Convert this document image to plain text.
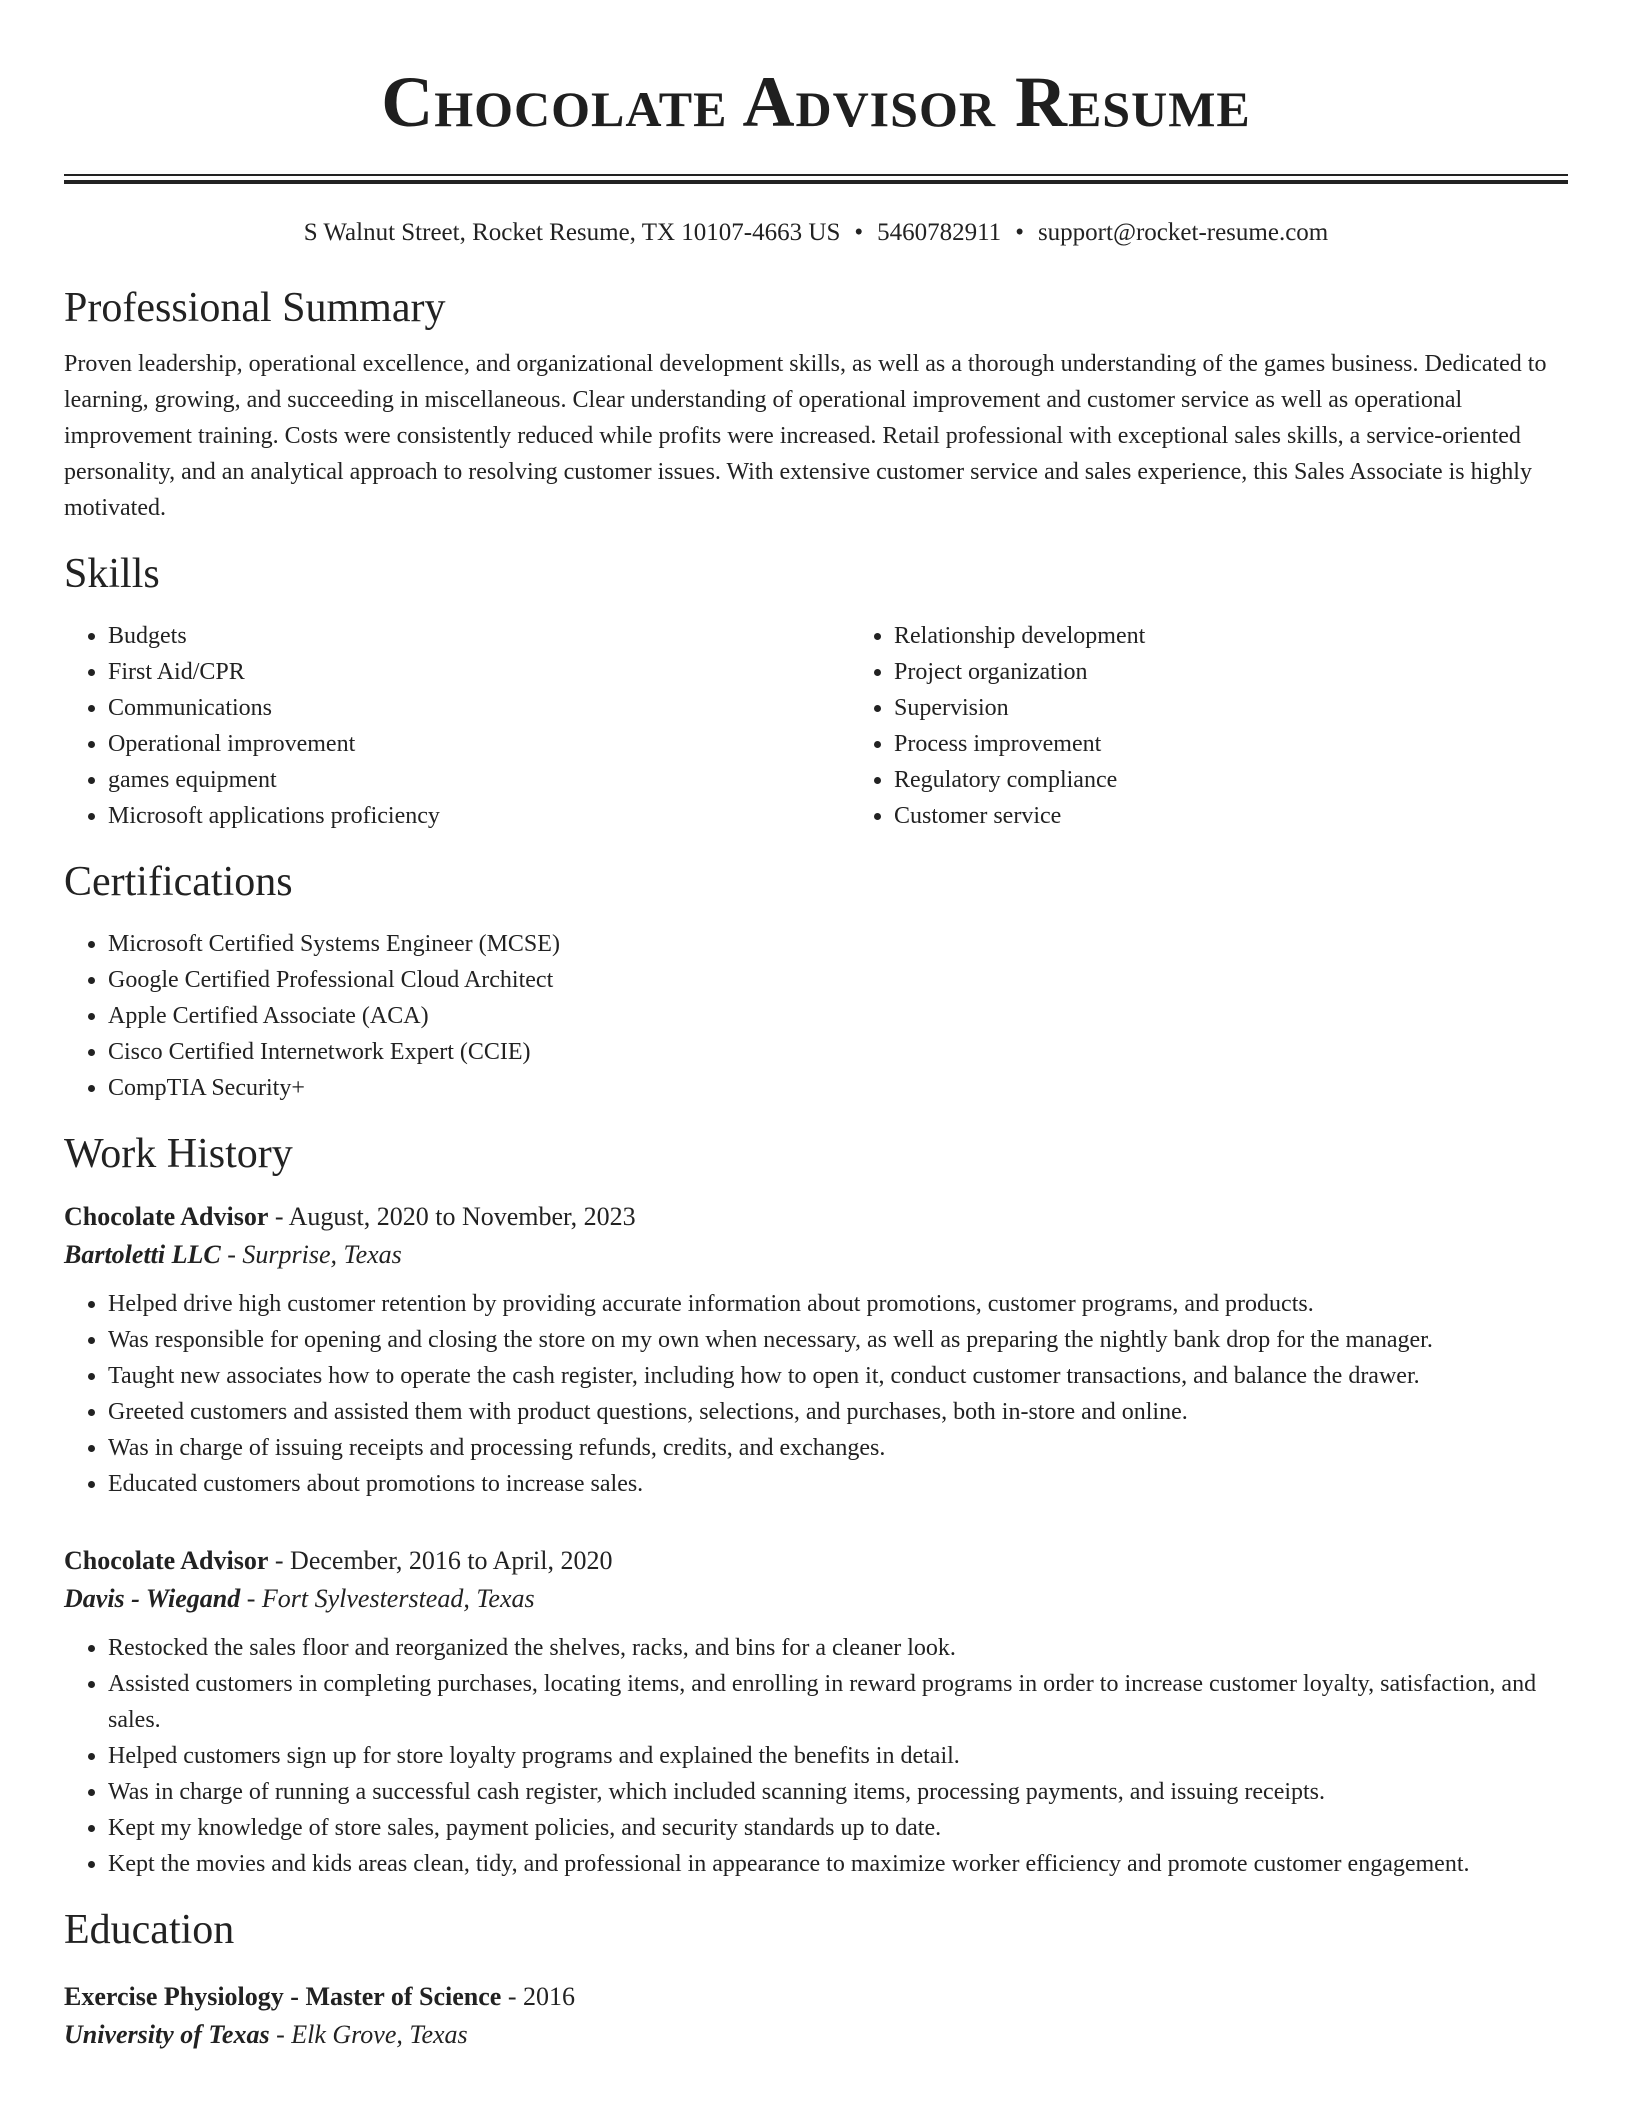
Chocolate Advisor Resume
S Walnut Street, Rocket Resume, TX 10107-4663 US • 5460782911 • support@rocket-resume.com
Professional Summary

Proven leadership, operational excellence, and organizational development skills, as well as a thorough understanding of the games business. Dedicated to learning, growing, and succeeding in miscellaneous. Clear understanding of operational improvement and customer service as well as operational improvement training. Costs were consistently reduced while profits were increased. Retail professional with exceptional sales skills, a service-oriented personality, and an analytical approach to resolving customer issues. With extensive customer service and sales experience, this Sales Associate is highly motivated.

Skills
• Budgets
• First Aid/CPR
• Communications
• Operational improvement
• games equipment
• Microsoft applications proficiency
• Relationship development
• Project organization
• Supervision
• Process improvement
• Regulatory compliance
• Customer service
Certifications
• Microsoft Certified Systems Engineer (MCSE)
• Google Certified Professional Cloud Architect
• Apple Certified Associate (ACA)
• Cisco Certified Internetwork Expert (CCIE)
• CompTIA Security+
Work History
Chocolate Advisor - August, 2020 to November, 2023
Bartoletti LLC - Surprise, Texas
• Helped drive high customer retention by providing accurate information about promotions, customer programs, and products.
• Was responsible for opening and closing the store on my own when necessary, as well as preparing the nightly bank drop for the manager.
• Taught new associates how to operate the cash register, including how to open it, conduct customer transactions, and balance the drawer.
• Greeted customers and assisted them with product questions, selections, and purchases, both in-store and online.
• Was in charge of issuing receipts and processing refunds, credits, and exchanges.
• Educated customers about promotions to increase sales.
Chocolate Advisor - December, 2016 to April, 2020
Davis - Wiegand - Fort Sylvesterstead, Texas
• Restocked the sales floor and reorganized the shelves, racks, and bins for a cleaner look.
• Assisted customers in completing purchases, locating items, and enrolling in reward programs in order to increase customer loyalty, satisfaction, and sales.
• Helped customers sign up for store loyalty programs and explained the benefits in detail.
• Was in charge of running a successful cash register, which included scanning items, processing payments, and issuing receipts.
• Kept my knowledge of store sales, payment policies, and security standards up to date.
• Kept the movies and kids areas clean, tidy, and professional in appearance to maximize worker efficiency and promote customer engagement.
Education
Exercise Physiology - Master of Science - 2016
University of Texas - Elk Grove, Texas
